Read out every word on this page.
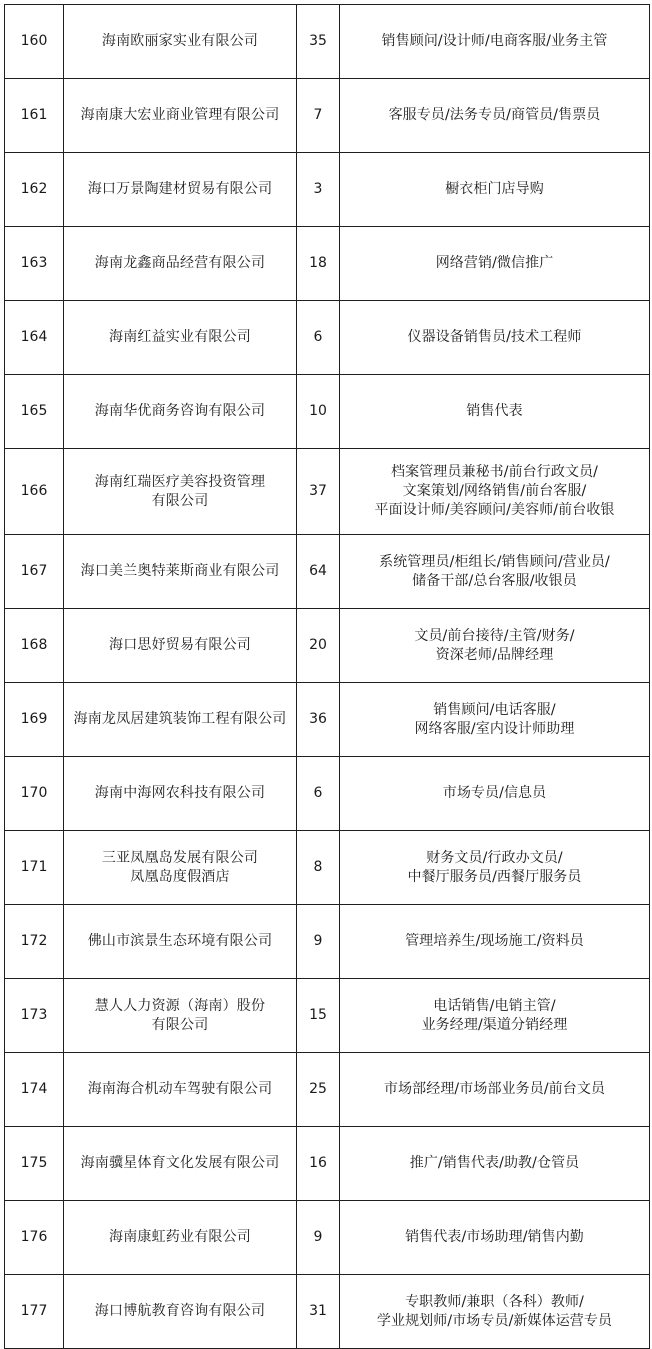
160	海南欧丽家实业有限公司	35	销售顾问/设计师/电商客服/业务主管

161	海南康大宏业商业管理有限公司	7	客服专员/法务专员/商管员/售票员

162	海口万景陶建材贸易有限公司	3	橱衣柜门店导购

163	海南龙鑫商品经营有限公司	18	网络营销/微信推广

164	海南红益实业有限公司	6	仪器设备销售员/技术工程师

165	海南华优商务咨询有限公司	10	销售代表

166	海南红瑞医疗美容投资管理
有限公司	37	档案管理员兼秘书/前台行政文员/
文案策划/网络销售/前台客服/
平面设计师/美容顾问/美容师/前台收银

167	海口美兰奥特莱斯商业有限公司	64	系统管理员/柜组长/销售顾问/营业员/
储备干部/总台客服/收银员

168	海口思妤贸易有限公司	20	文员/前台接待/主管/财务/
资深老师/品牌经理

169	海南龙凤居建筑装饰工程有限公司	36	销售顾问/电话客服/
网络客服/室内设计师助理

170	海南中海网农科技有限公司	6	市场专员/信息员

171	三亚凤凰岛发展有限公司
凤凰岛度假酒店	8	财务文员/行政办文员/
中餐厅服务员/西餐厅服务员

172	佛山市滨景生态环境有限公司	9	管理培养生/现场施工/资料员

173	慧人人力资源（海南）股份
有限公司	15	电话销售/电销主管/
业务经理/渠道分销经理

174	海南海合机动车驾驶有限公司	25	市场部经理/市场部业务员/前台文员

175	海南骥星体育文化发展有限公司	16	推广/销售代表/助教/仓管员

176	海南康虹药业有限公司	9	销售代表/市场助理/销售内勤

177	海口博航教育咨询有限公司	31	专职教师/兼职（各科）教师/
学业规划师/市场专员/新媒体运营专员
